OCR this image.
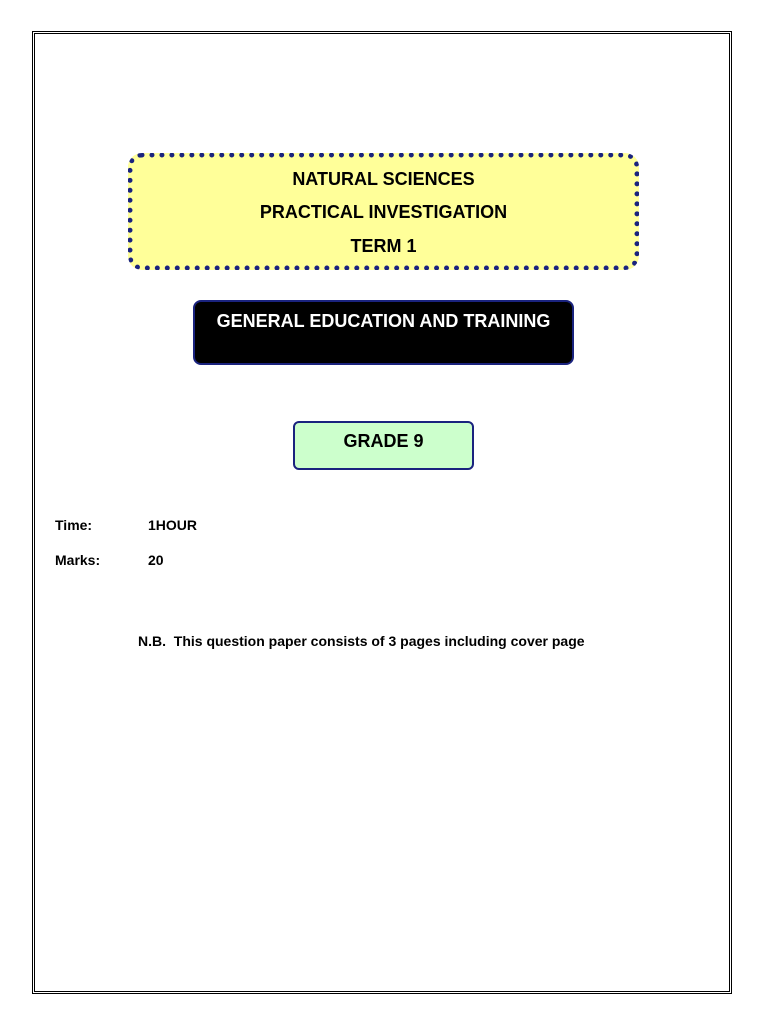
NATURAL SCIENCES
PRACTICAL INVESTIGATION
TERM 1
GENERAL EDUCATION AND TRAINING
GRADE 9
Time:	1HOUR
Marks:	20
N.B.  This question paper consists of 3 pages including cover page
